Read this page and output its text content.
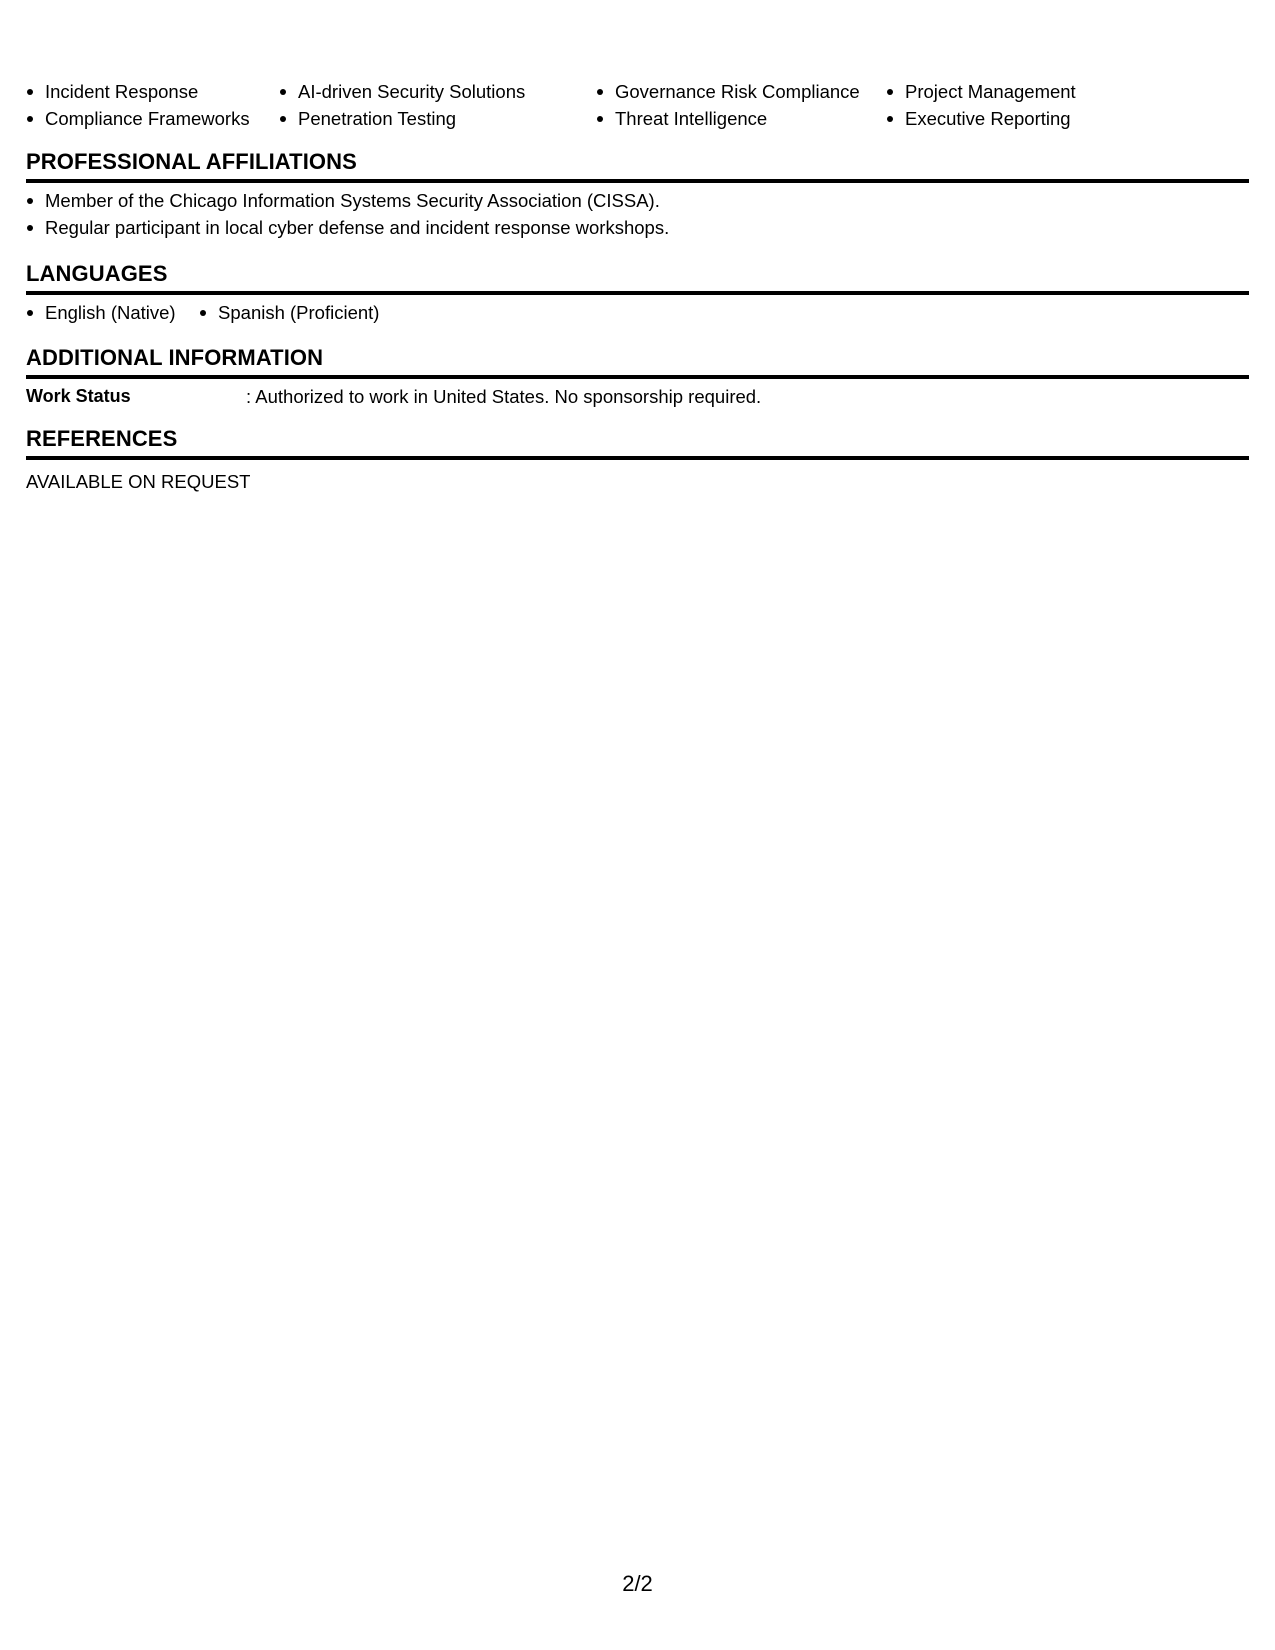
Incident Response
Compliance Frameworks
AI-driven Security Solutions
Penetration Testing
Governance Risk Compliance
Threat Intelligence
Project Management
Executive Reporting
PROFESSIONAL AFFILIATIONS
Member of the Chicago Information Systems Security Association (CISSA).
Regular participant in local cyber defense and incident response workshops.
LANGUAGES
English (Native) Spanish (Proficient)
ADDITIONAL INFORMATION
Work Status	: Authorized to work in United States. No sponsorship required.
REFERENCES
AVAILABLE ON REQUEST
2/2
